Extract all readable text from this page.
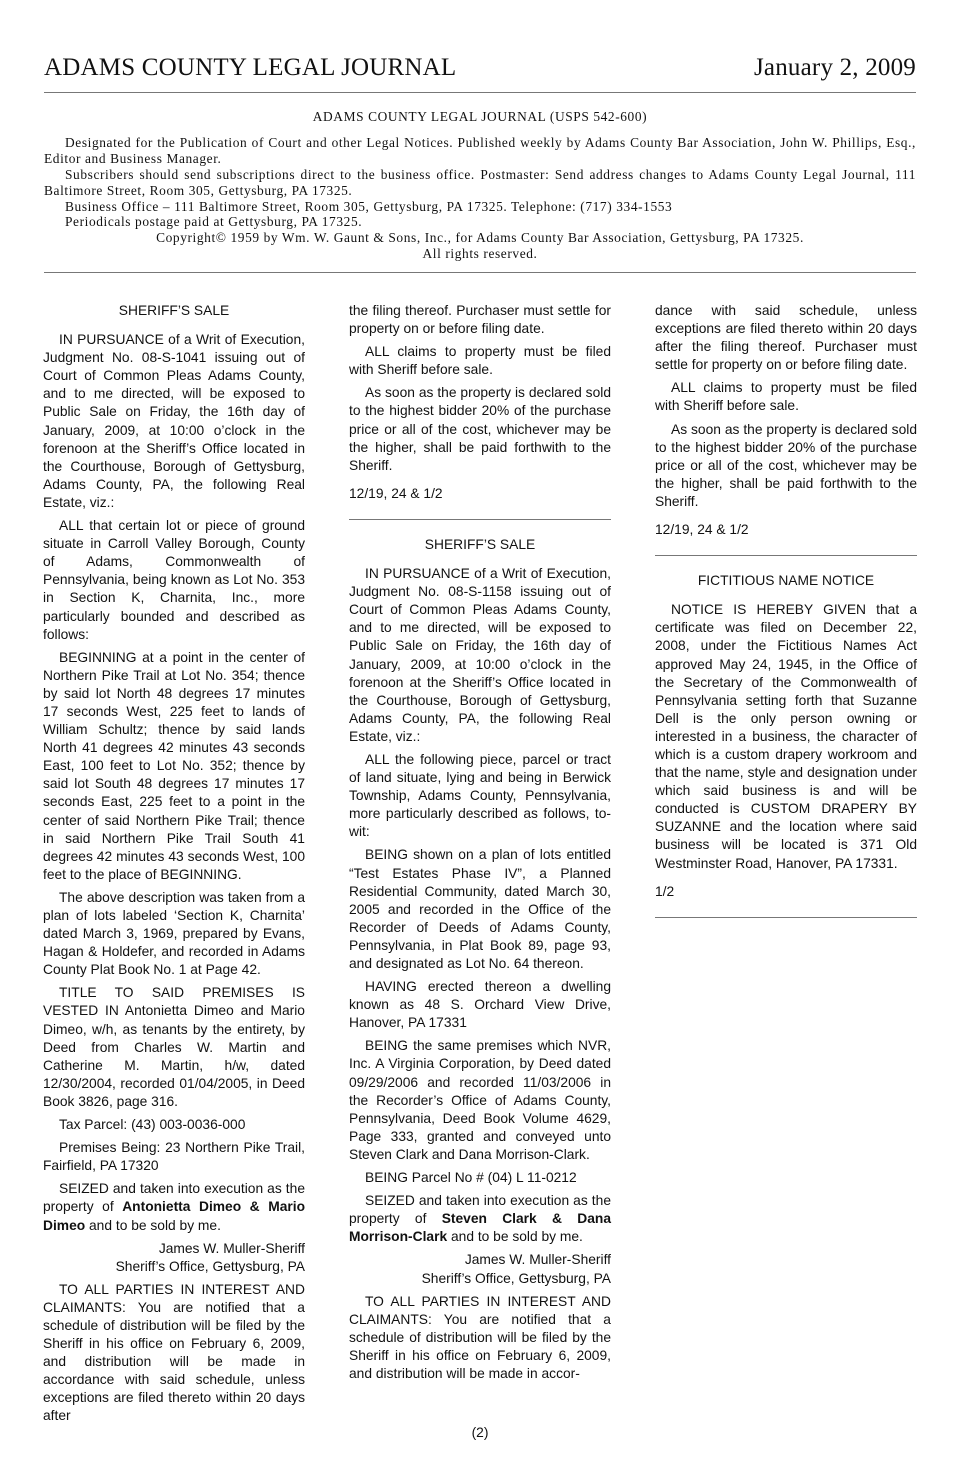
ADAMS COUNTY LEGAL JOURNAL	January 2, 2009
ADAMS COUNTY LEGAL JOURNAL (USPS 542-600)
Designated for the Publication of Court and other Legal Notices. Published weekly by Adams County Bar Association, John W. Phillips, Esq., Editor and Business Manager.
Subscribers should send subscriptions direct to the business office. Postmaster: Send address changes to Adams County Legal Journal, 111 Baltimore Street, Room 305, Gettysburg, PA 17325.
Business Office – 111 Baltimore Street, Room 305, Gettysburg, PA 17325. Telephone: (717) 334-1553
Periodicals postage paid at Gettysburg, PA 17325.
Copyright© 1959 by Wm. W. Gaunt & Sons, Inc., for Adams County Bar Association, Gettysburg, PA 17325.
All rights reserved.

SHERIFF’S SALE

IN PURSUANCE of a Writ of Execution, Judgment No. 08-S-1041 issuing out of Court of Common Pleas Adams County, and to me directed, will be exposed to Public Sale on Friday, the 16th day of January, 2009, at 10:00 o’clock in the forenoon at the Sheriff’s Office located in the Courthouse, Borough of Gettysburg, Adams County, PA, the following Real Estate, viz.:

ALL that certain lot or piece of ground situate in Carroll Valley Borough, County of Adams, Commonwealth of Pennsylvania, being known as Lot No. 353 in Section K, Charnita, Inc., more particularly bounded and described as follows:

BEGINNING at a point in the center of Northern Pike Trail at Lot No. 354; thence by said lot North 48 degrees 17 minutes 17 seconds West, 225 feet to lands of William Schultz; thence by said lands North 41 degrees 42 minutes 43 seconds East, 100 feet to Lot No. 352; thence by said lot South 48 degrees 17 minutes 17 seconds East, 225 feet to a point in the center of said Northern Pike Trail; thence in said Northern Pike Trail South 41 degrees 42 minutes 43 seconds West, 100 feet to the place of BEGINNING.

The above description was taken from a plan of lots labeled ‘Section K, Charnita’ dated March 3, 1969, prepared by Evans, Hagan & Holdefer, and recorded in Adams County Plat Book No. 1 at Page 42.

TITLE TO SAID PREMISES IS VESTED IN Antonietta Dimeo and Mario Dimeo, w/h, as tenants by the entirety, by Deed from Charles W. Martin and Catherine M. Martin, h/w, dated 12/30/2004, recorded 01/04/2005, in Deed Book 3826, page 316.

Tax Parcel: (43) 003-0036-000

Premises Being: 23 Northern Pike Trail, Fairfield, PA 17320

SEIZED and taken into execution as the property of Antonietta Dimeo & Mario Dimeo and to be sold by me.

James W. Muller-Sheriff

Sheriff’s Office, Gettysburg, PA

TO ALL PARTIES IN INTEREST AND CLAIMANTS: You are notified that a schedule of distribution will be filed by the Sheriff in his office on February 6, 2009, and distribution will be made in accordance with said schedule, unless exceptions are filed thereto within 20 days after

the filing thereof. Purchaser must settle for property on or before filing date.

ALL claims to property must be filed with Sheriff before sale.

As soon as the property is declared sold to the highest bidder 20% of the purchase price or all of the cost, whichever may be the higher, shall be paid forthwith to the Sheriff.

12/19, 24 & 1/2

SHERIFF’S SALE

IN PURSUANCE of a Writ of Execution, Judgment No. 08-S-1158 issuing out of Court of Common Pleas Adams County, and to me directed, will be exposed to Public Sale on Friday, the 16th day of January, 2009, at 10:00 o’clock in the forenoon at the Sheriff’s Office located in the Courthouse, Borough of Gettysburg, Adams County, PA, the following Real Estate, viz.:

ALL the following piece, parcel or tract of land situate, lying and being in Berwick Township, Adams County, Pennsylvania, more particularly described as follows, to-wit:

BEING shown on a plan of lots entitled “Test Estates Phase IV”, a Planned Residential Community, dated March 30, 2005 and recorded in the Office of the Recorder of Deeds of Adams County, Pennsylvania, in Plat Book 89, page 93, and designated as Lot No. 64 thereon.

HAVING erected thereon a dwelling known as 48 S. Orchard View Drive, Hanover, PA 17331

BEING the same premises which NVR, Inc. A Virginia Corporation, by Deed dated 09/29/2006 and recorded 11/03/2006 in the Recorder’s Office of Adams County, Pennsylvania, Deed Book Volume 4629, Page 333, granted and conveyed unto Steven Clark and Dana Morrison-Clark.

BEING Parcel No # (04) L 11-0212

SEIZED and taken into execution as the property of Steven Clark & Dana Morrison-Clark and to be sold by me.

James W. Muller-Sheriff

Sheriff’s Office, Gettysburg, PA

TO ALL PARTIES IN INTEREST AND CLAIMANTS: You are notified that a schedule of distribution will be filed by the Sheriff in his office on February 6, 2009, and distribution will be made in accor-

dance with said schedule, unless exceptions are filed thereto within 20 days after the filing thereof. Purchaser must settle for property on or before filing date.

ALL claims to property must be filed with Sheriff before sale.

As soon as the property is declared sold to the highest bidder 20% of the purchase price or all of the cost, whichever may be the higher, shall be paid forthwith to the Sheriff.

12/19, 24 & 1/2

FICTITIOUS NAME NOTICE

NOTICE IS HEREBY GIVEN that a certificate was filed on December 22, 2008, under the Fictitious Names Act approved May 24, 1945, in the Office of the Secretary of the Commonwealth of Pennsylvania setting forth that Suzanne Dell is the only person owning or interested in a business, the character of which is a custom drapery workroom and that the name, style and designation under which said business is and will be conducted is CUSTOM DRAPERY BY SUZANNE and the location where said business will be located is 371 Old Westminster Road, Hanover, PA 17331.

1/2

(2)
